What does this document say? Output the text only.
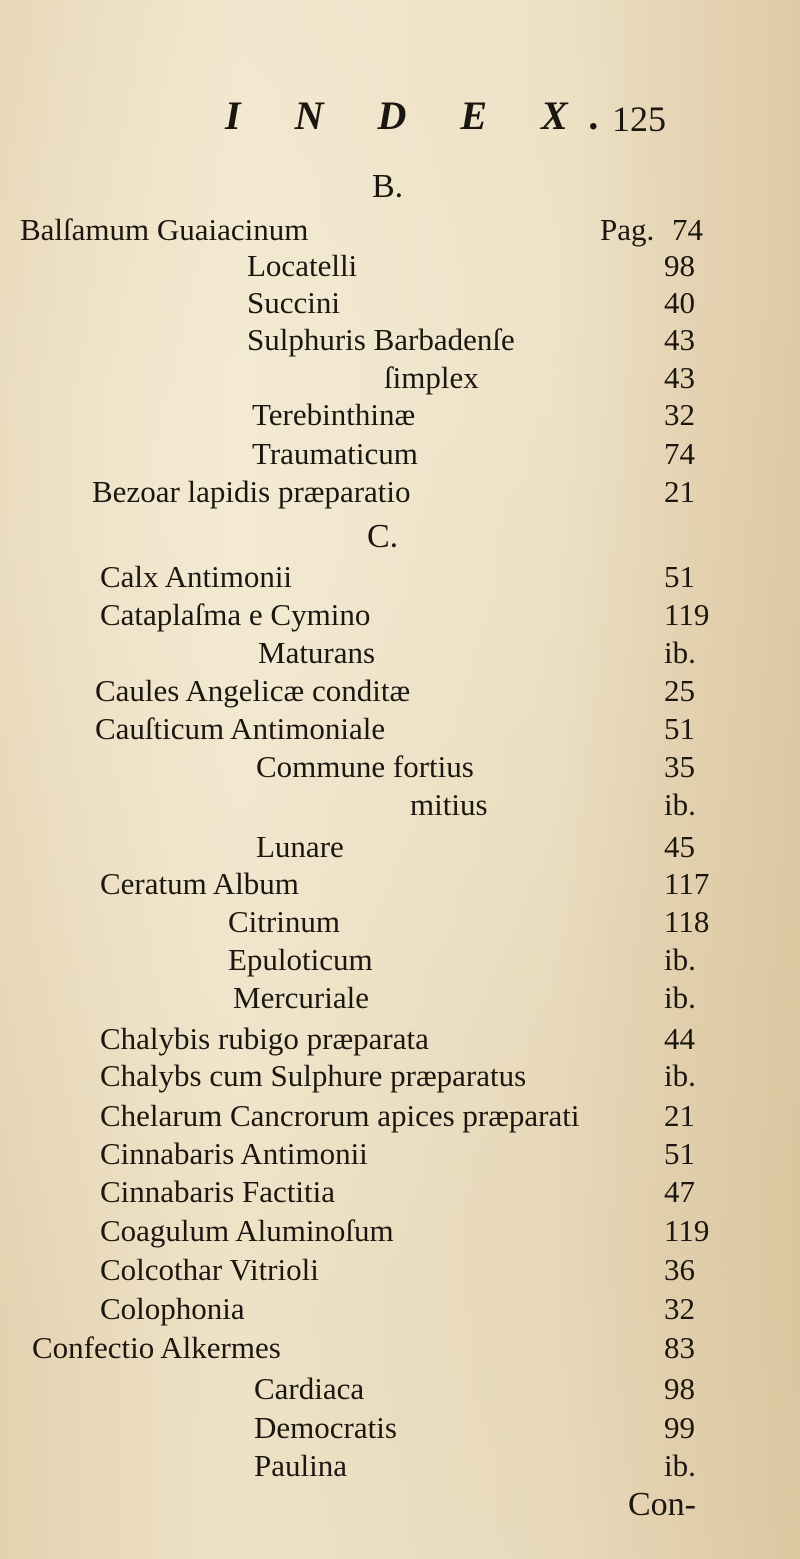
I N D E X.
125
B.
C.
Balſamum Guaiacinum	Pag. 74
Locatelli	98
Succini	40
Sulphuris Barbadenſe	43
ſimplex	43
Terebinthinæ	32
Traumaticum	74
Bezoar lapidis præparatio	21
Calx Antimonii	51
Cataplaſma e Cymino	119
Maturans	ib.
Caules Angelicæ conditæ	25
Cauſticum Antimoniale	51
Commune fortius	35
mitius	ib.
Lunare	45
Ceratum Album	117
Citrinum	118
Epuloticum	ib.
Mercuriale	ib.
Chalybis rubigo præparata	44
Chalybs cum Sulphure præparatus	ib.
Chelarum Cancrorum apices præparati	21
Cinnabaris Antimonii	51
Cinnabaris Factitia	47
Coagulum Aluminoſum	119
Colcothar Vitrioli	36
Colophonia	32
Confectio Alkermes	83
Cardiaca	98
Democratis	99
Paulina	ib.
Con-
